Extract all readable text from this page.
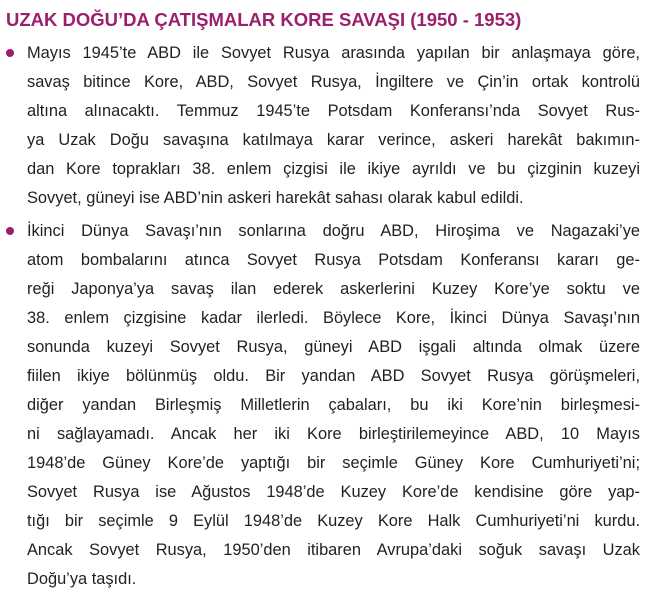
UZAK DOĞU’DA ÇATIŞMALAR KORE SAVAŞI (1950 - 1953)
Mayıs 1945’te ABD ile Sovyet Rusya arasında yapılan bir anlaşmaya göre,
savaş bitince Kore, ABD, Sovyet Rusya, İngiltere ve Çin’in ortak kontrolü
altına alınacaktı. Temmuz 1945’te Potsdam Konferansı’nda Sovyet Rus-
ya Uzak Doğu savaşına katılmaya karar verince, askeri harekât bakımın-
dan Kore toprakları 38. enlem çizgisi ile ikiye ayrıldı ve bu çizginin kuzeyi
Sovyet, güneyi ise ABD’nin askeri harekât sahası olarak kabul edildi.
İkinci Dünya Savaşı’nın sonlarına doğru ABD, Hiroşima ve Nagazaki’ye
atom bombalarını atınca Sovyet Rusya Potsdam Konferansı kararı ge-
reği Japonya’ya savaş ilan ederek askerlerini Kuzey Kore’ye soktu ve
38. enlem çizgisine kadar ilerledi. Böylece Kore, İkinci Dünya Savaşı’nın
sonunda kuzeyi Sovyet Rusya, güneyi ABD işgali altında olmak üzere
fiilen ikiye bölünmüş oldu. Bir yandan ABD Sovyet Rusya görüşmeleri,
diğer yandan Birleşmiş Milletlerin çabaları, bu iki Kore’nin birleşmesi-
ni sağlayamadı. Ancak her iki Kore birleştirilemeyince ABD, 10 Mayıs
1948’de Güney Kore’de yaptığı bir seçimle Güney Kore Cumhuriyeti’ni;
Sovyet Rusya ise Ağustos 1948’de Kuzey Kore’de kendisine göre yap-
tığı bir seçimle 9 Eylül 1948’de Kuzey Kore Halk Cumhuriyeti’ni kurdu.
Ancak Sovyet Rusya, 1950’den itibaren Avrupa’daki soğuk savaşı Uzak
Doğu’ya taşıdı.
